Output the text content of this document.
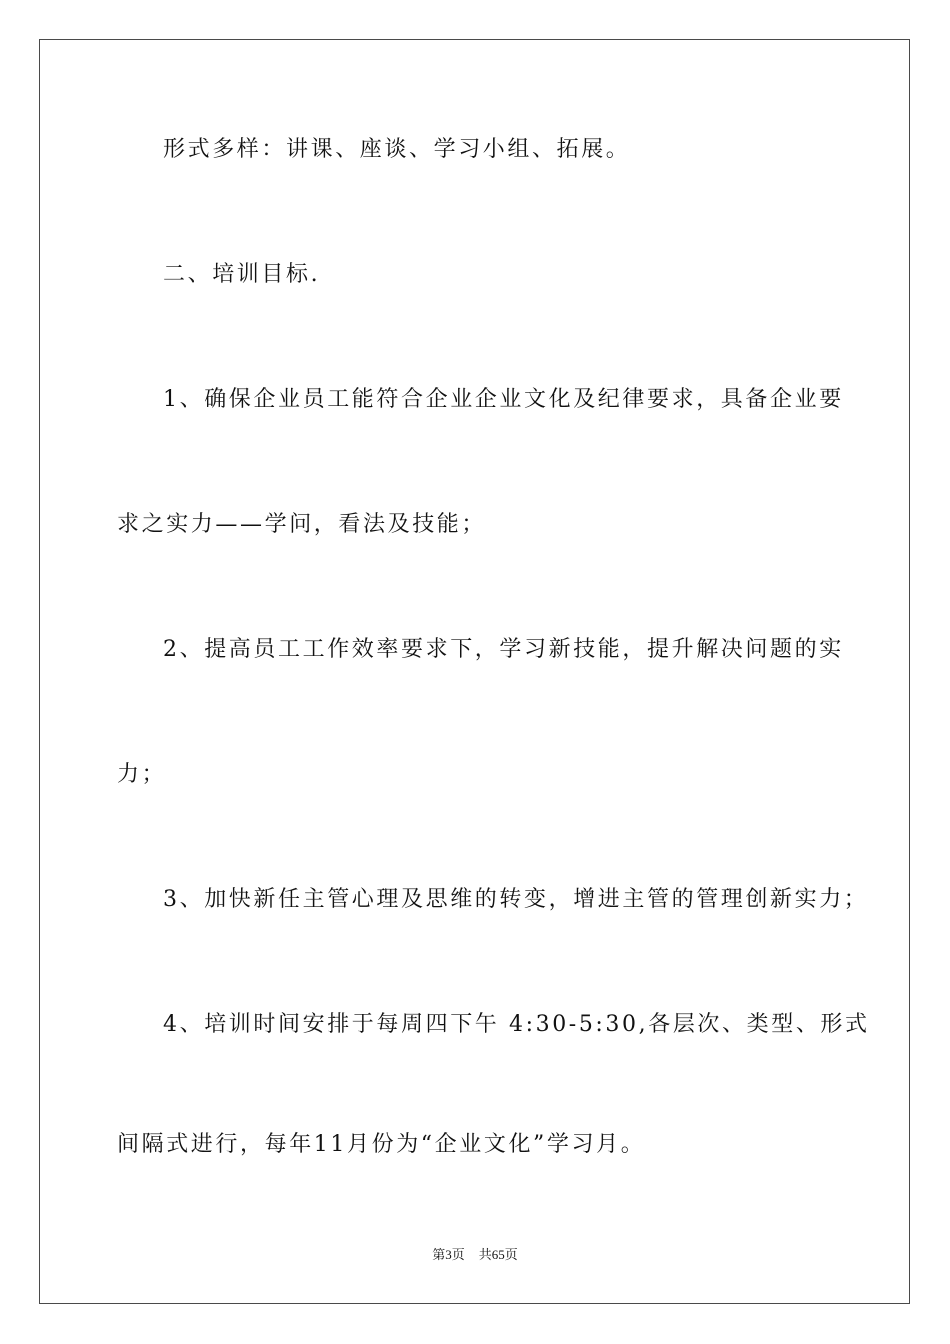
形式多样：讲课、座谈、学习小组、拓展。
二、培训目标.
1、确保企业员工能符合企业企业文化及纪律要求，具备企业要
求之实力——学问，看法及技能；
2、提高员工工作效率要求下，学习新技能，提升解决问题的实
力；
3、加快新任主管心理及思维的转变，增进主管的管理创新实力；
4、培训时间安排于每周四下午 4:30-5:30,各层次、类型、形式
间隔式进行，每年11月份为“企业文化”学习月。
第3页 共65页
